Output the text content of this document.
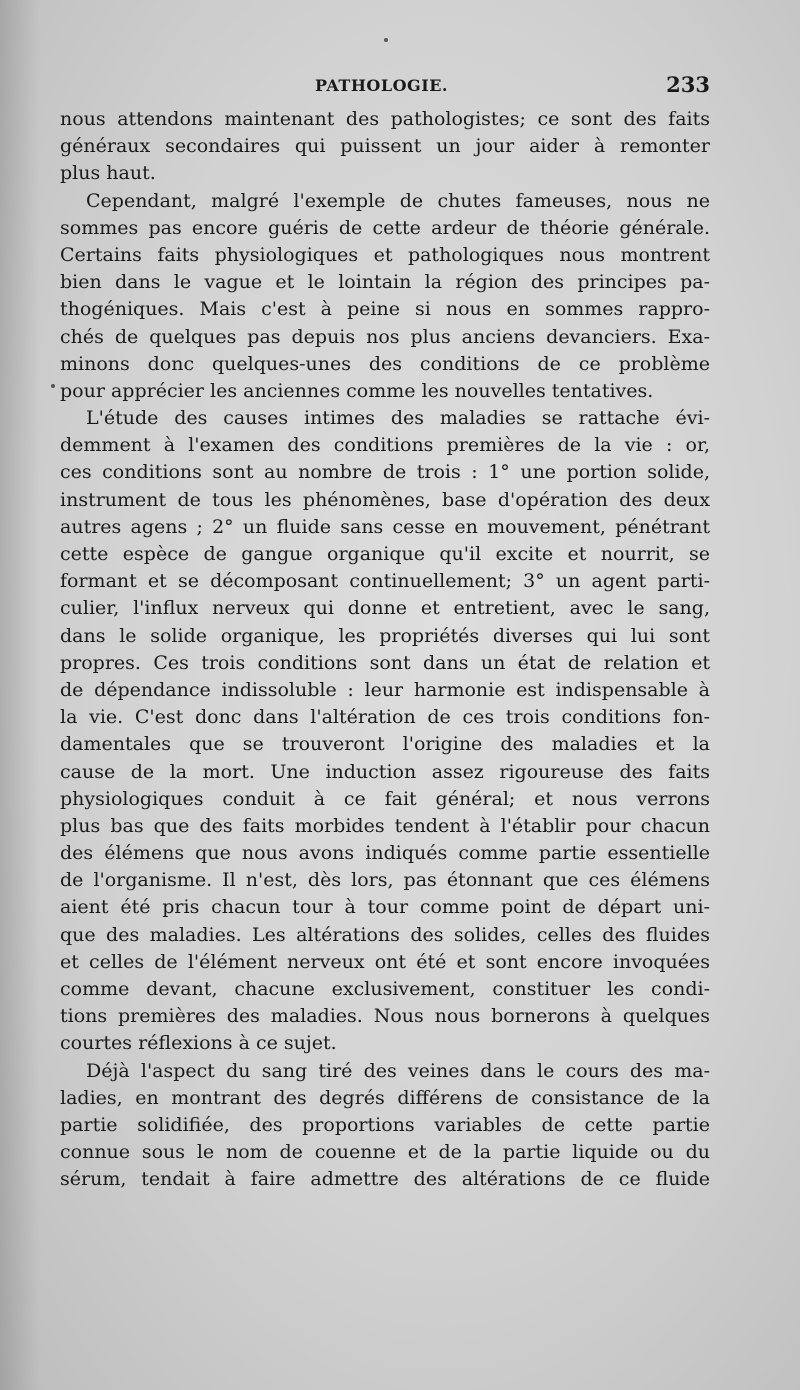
PATHOLOGIE.	233
nous attendons maintenant des pathologistes; ce sont des faits
généraux secondaires qui puissent un jour aider à remonter
plus haut.
Cependant, malgré l'exemple de chutes fameuses, nous ne
sommes pas encore guéris de cette ardeur de théorie générale.
Certains faits physiologiques et pathologiques nous montrent
bien dans le vague et le lointain la région des principes pa-
thogéniques. Mais c'est à peine si nous en sommes rappro-
chés de quelques pas depuis nos plus anciens devanciers. Exa-
minons donc quelques-unes des conditions de ce problème
pour apprécier les anciennes comme les nouvelles tentatives.
L'étude des causes intimes des maladies se rattache évi-
demment à l'examen des conditions premières de la vie : or,
ces conditions sont au nombre de trois : 1° une portion solide,
instrument de tous les phénomènes, base d'opération des deux
autres agens ; 2° un fluide sans cesse en mouvement, pénétrant
cette espèce de gangue organique qu'il excite et nourrit, se
formant et se décomposant continuellement; 3° un agent parti-
culier, l'influx nerveux qui donne et entretient, avec le sang,
dans le solide organique, les propriétés diverses qui lui sont
propres. Ces trois conditions sont dans un état de relation et
de dépendance indissoluble : leur harmonie est indispensable à
la vie. C'est donc dans l'altération de ces trois conditions fon-
damentales que se trouveront l'origine des maladies et la
cause de la mort. Une induction assez rigoureuse des faits
physiologiques conduit à ce fait général; et nous verrons
plus bas que des faits morbides tendent à l'établir pour chacun
des élémens que nous avons indiqués comme partie essentielle
de l'organisme. Il n'est, dès lors, pas étonnant que ces élémens
aient été pris chacun tour à tour comme point de départ uni-
que des maladies. Les altérations des solides, celles des fluides
et celles de l'élément nerveux ont été et sont encore invoquées
comme devant, chacune exclusivement, constituer les condi-
tions premières des maladies. Nous nous bornerons à quelques
courtes réflexions à ce sujet.
Déjà l'aspect du sang tiré des veines dans le cours des ma-
ladies, en montrant des degrés différens de consistance de la
partie solidifiée, des proportions variables de cette partie
connue sous le nom de couenne et de la partie liquide ou du
sérum, tendait à faire admettre des altérations de ce fluide
